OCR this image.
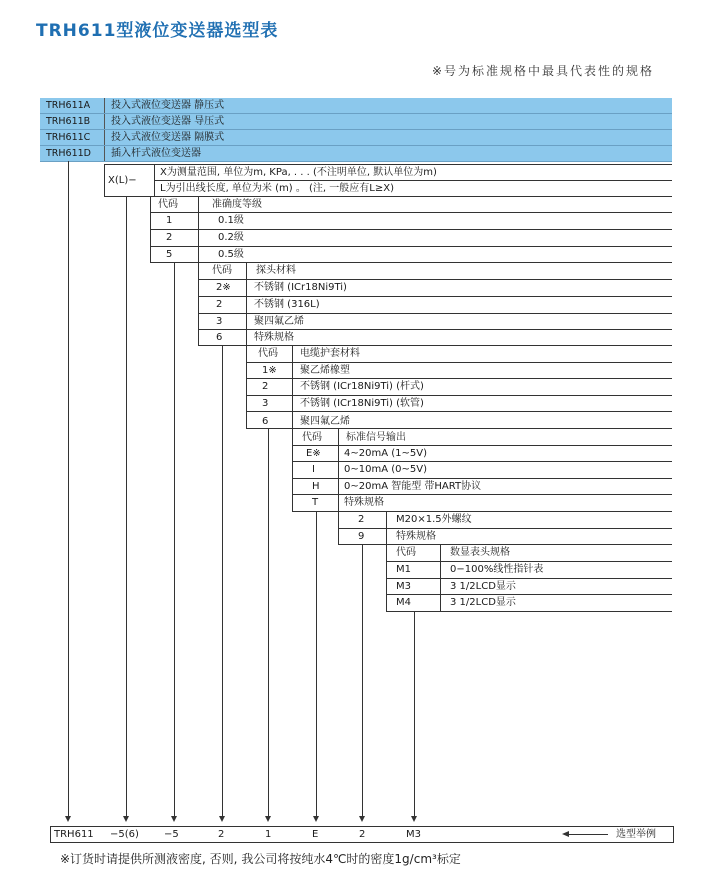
TRH611型液位变送器选型表
※号为标准规格中最具代表性的规格
TRH611A 投入式液位变送器 静压式
TRH611B 投入式液位变送器 导压式
TRH611C 投入式液位变送器 隔膜式
TRH611D 插入杆式液位变送器
X(L)−
X为测量范围, 单位为m, KPa, . . . (不注明单位, 默认单位为m)
L为引出线长度, 单位为米 (m) 。 (注, 一般应有L≥X)
代码	准确度等级
1	0.1级
2	0.2级
5	0.5级
代码 探头材料
2※ 不锈钢 (ICr18Ni9Ti)
2	不锈钢 (316L)
3	聚四氟乙烯
6	特殊规格
代码 电缆护套材料
1※ 聚乙烯橡塑
2	不锈钢 (ICr18Ni9Ti) (杆式)
3	不锈钢 (ICr18Ni9Ti) (软管)
6	聚四氟乙烯
代码 标准信号输出
E※ 4~20mA (1~5V)
I	0~10mA (0~5V)
H 0~20mA 智能型 带HART协议
T	特殊规格
2	M20×1.5外螺纹
9	特殊规格
代码	数显表头规格
M1	0−100%线性指针表
M3	3 1/2LCD显示
M4	3 1/2LCD显示
TRH611 −5(6)	−5	2	1	E	2	M3	选型举例
※订货时请提供所测液密度, 否则, 我公司将按纯水4℃时的密度1g/cm³标定
